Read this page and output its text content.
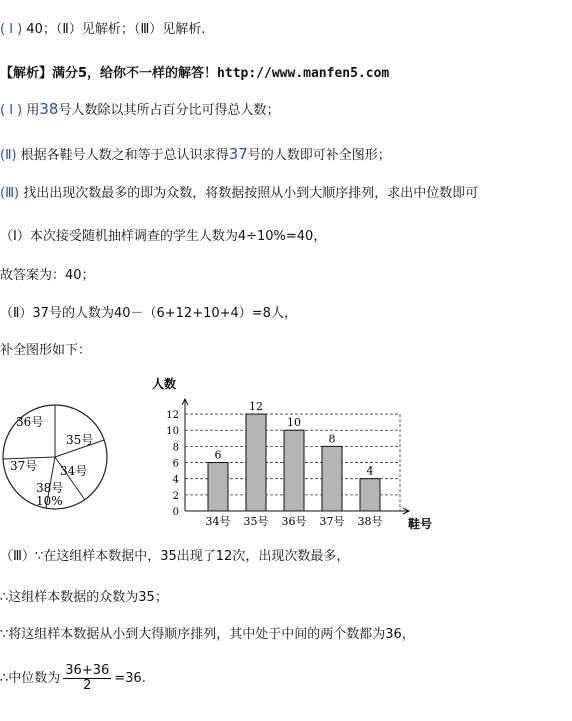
( I ) 40；（Ⅱ）见解析；（Ⅲ）见解析.
【解析】满分5，给你不一样的解答！http://www.manfen5.com
( I ) 用38号人数除以其所占百分比可得总人数；
(Ⅱ) 根据各鞋号人数之和等于总认识求得37号的人数即可补全图形；
(Ⅲ) 找出出现次数最多的即为众数，将数据按照从小到大顺序排列，求出中位数即可
（Ⅰ）本次接受随机抽样调查的学生人数为4÷10%=40，
故答案为：40；
（Ⅱ）37号的人数为40－（6+12+10+4）=8人，
补全图形如下：
36号
35号
37号 34号
38号
10%
0
2
4
6
8
10
12
人数
鞋号
6
34号
12
35号
10
36号
8
37号
4
38号
（Ⅲ）∵在这组样本数据中，35出现了12次，出现次数最多，
∴这组样本数据的众数为35；
∵将这组样本数据从小到大得顺序排列，其中处于中间的两个数都为36，
∴中位数为 $\frac{36+36}{2} =36$.
